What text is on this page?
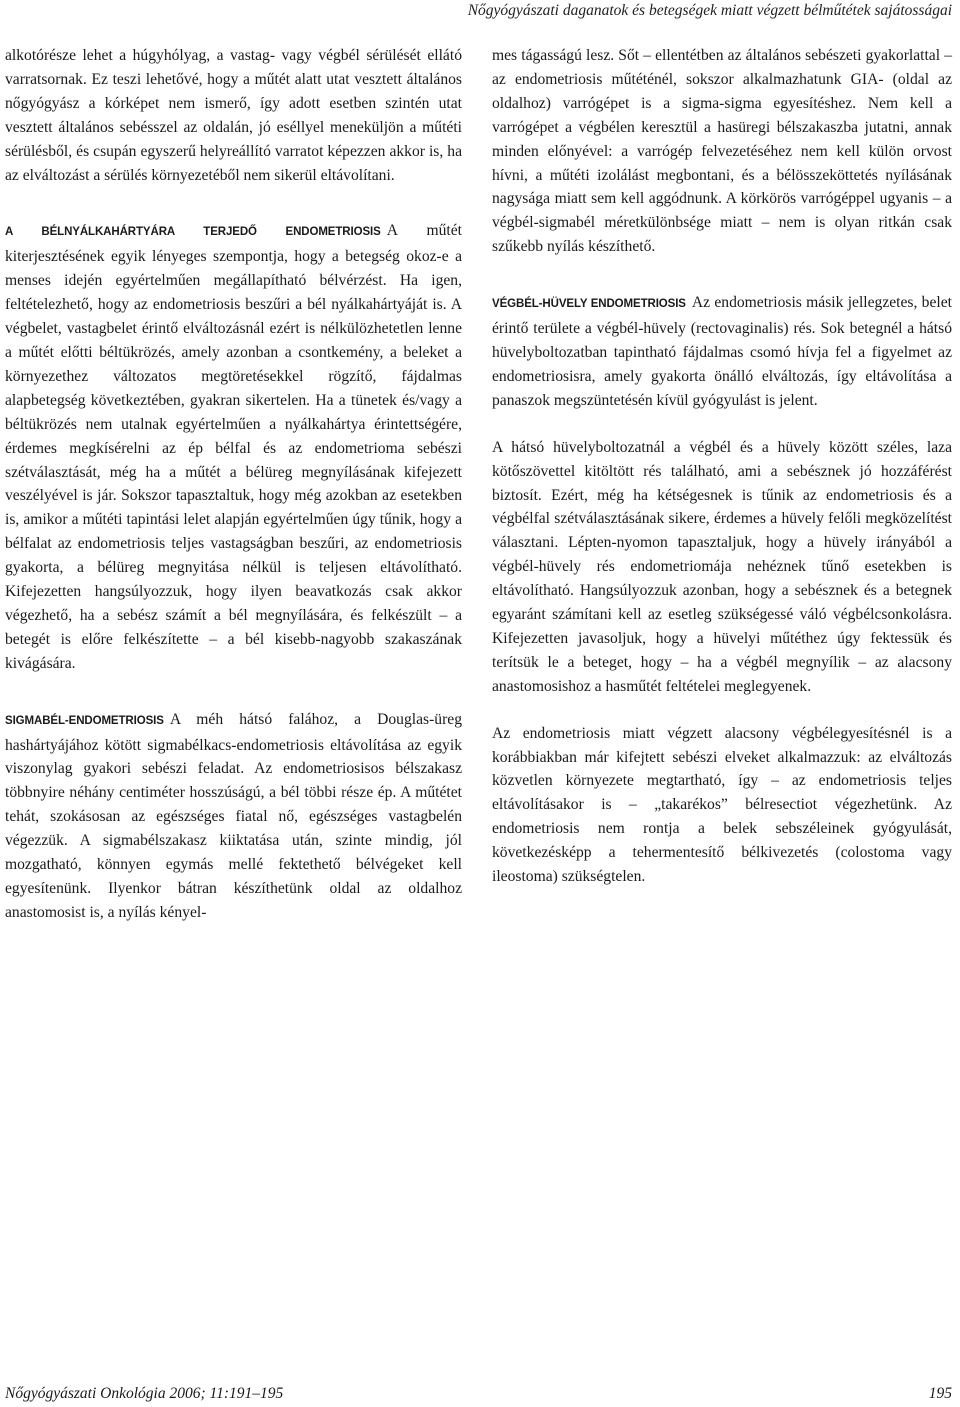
Nőgyógyászati daganatok és betegségek miatt végzett bélműtétek sajátosságai

alkotórésze lehet a húgyhólyag, a vastag- vagy végbél sérülését ellátó varratsornak. Ez teszi lehetővé, hogy a műtét alatt utat vesztett általános nőgyógyász a kórképet nem ismerő, így adott esetben szintén utat vesztett általános sebésszel az oldalán, jó eséllyel meneküljön a műtéti sérülésből, és csupán egyszerű helyreállító varratot képezzen akkor is, ha az elváltozást a sérülés környezetéből nem sikerül eltávolítani.

A BÉLNYÁLKAHÁRTYÁRA TERJEDŐ ENDOMETRIOSIS A műtét kiterjesztésének egyik lényeges szempontja, hogy a betegség okoz-e a menses idején egyértelműen megállapítható bélvérzést. Ha igen, feltételezhető, hogy az endometriosis beszűri a bél nyálkahártyáját is. A végbelet, vastagbelet érintő elváltozásnál ezért is nélkülözhetetlen lenne a műtét előtti béltükrözés, amely azonban a csontkemény, a beleket a környezethez változatos megtöretésekkel rögzítő, fájdalmas alapbetegség következtében, gyakran sikertelen. Ha a tünetek és/vagy a béltükrözés nem utalnak egyértelműen a nyálkahártya érintettségére, érdemes megkísérelni az ép bélfal és az endometrioma sebészi szétválasztását, még ha a műtét a bélüreg megnyílásának kifejezett veszélyével is jár. Sokszor tapasztaltuk, hogy még azokban az esetekben is, amikor a műtéti tapintási lelet alapján egyértelműen úgy tűnik, hogy a bélfalat az endometriosis teljes vastagságban beszűri, az endometriosis gyakorta, a bélüreg megnyitása nélkül is teljesen eltávolítható. Kifejezetten hangsúlyozzuk, hogy ilyen beavatkozás csak akkor végezhető, ha a sebész számít a bél megnyílására, és felkészült – a betegét is előre felkészítette – a bél kisebb-nagyobb szakaszának kivágására.

SIGMABÉL-ENDOMETRIOSIS A méh hátsó falához, a Douglas-üreg hashártyájához kötött sigmabélkacs-endometriosis eltávolítása az egyik viszonylag gyakori sebészi feladat. Az endometriosisos bélszakasz többnyire néhány centiméter hosszúságú, a bél többi része ép. A műtétet tehát, szokásosan az egészséges fiatal nő, egészséges vastagbelén végezzük. A sigmabélszakasz kiiktatása után, szinte mindig, jól mozgatható, könnyen egymás mellé fektethető bélvégeket kell egyesítenünk. Ilyenkor bátran készíthetünk oldal az oldalhoz anastomosist is, a nyílás kényel-

mes tágasságú lesz. Sőt – ellentétben az általános sebészeti gyakorlattal – az endometriosis műtéténél, sokszor alkalmazhatunk GIA- (oldal az oldalhoz) varrógépet is a sigma-sigma egyesítéshez. Nem kell a varrógépet a végbélen keresztül a hasüregi bélszakaszba jutatni, annak minden előnyével: a varrógép felvezetéséhez nem kell külön orvost hívni, a műtéti izolálást megbontani, és a bélösszeköttetés nyílásának nagysága miatt sem kell aggódnunk. A körkörös varrógéppel ugyanis – a végbél-sigmabél méretkülönbsége miatt – nem is olyan ritkán csak szűkebb nyílás készíthető.

VÉGBÉL-HÜVELY ENDOMETRIOSIS Az endometriosis másik jellegzetes, belet érintő területe a végbél-hüvely (rectovaginalis) rés. Sok betegnél a hátsó hüvelyboltozatban tapintható fájdalmas csomó hívja fel a figyelmet az endometriosisra, amely gyakorta önálló elváltozás, így eltávolítása a panaszok megszüntetésén kívül gyógyulást is jelent.

A hátsó hüvelyboltozatnál a végbél és a hüvely között széles, laza kötőszövettel kitöltött rés található, ami a sebésznek jó hozzáférést biztosít. Ezért, még ha kétségesnek is tűnik az endometriosis és a végbélfal szétválasztásának sikere, érdemes a hüvely felőli megközelítést választani. Lépten-nyomon tapasztaljuk, hogy a hüvely irányából a végbél-hüvely rés endometriomája nehéznek tűnő esetekben is eltávolítható. Hangsúlyozzuk azonban, hogy a sebésznek és a betegnek egyaránt számítani kell az esetleg szükségessé váló végbélcsonkolásra. Kifejezetten javasoljuk, hogy a hüvelyi műtéthez úgy fektessük és terítsük le a beteget, hogy – ha a végbél megnyílik – az alacsony anastomosishoz a hasműtét feltételei meglegyenek.

Az endometriosis miatt végzett alacsony végbélegyesítésnél is a korábbiakban már kifejtett sebészi elveket alkalmazzuk: az elváltozás közvetlen környezete megtartható, így – az endometriosis teljes eltávolításakor is – „takarékos” bélresectiot végezhetünk. Az endometriosis nem rontja a belek sebszéleinek gyógyulását, következésképp a tehermentesítő bélkivezetés (colostoma vagy ileostoma) szükségtelen.

Nőgyógyászati Onkológia 2006; 11:191–195	195
